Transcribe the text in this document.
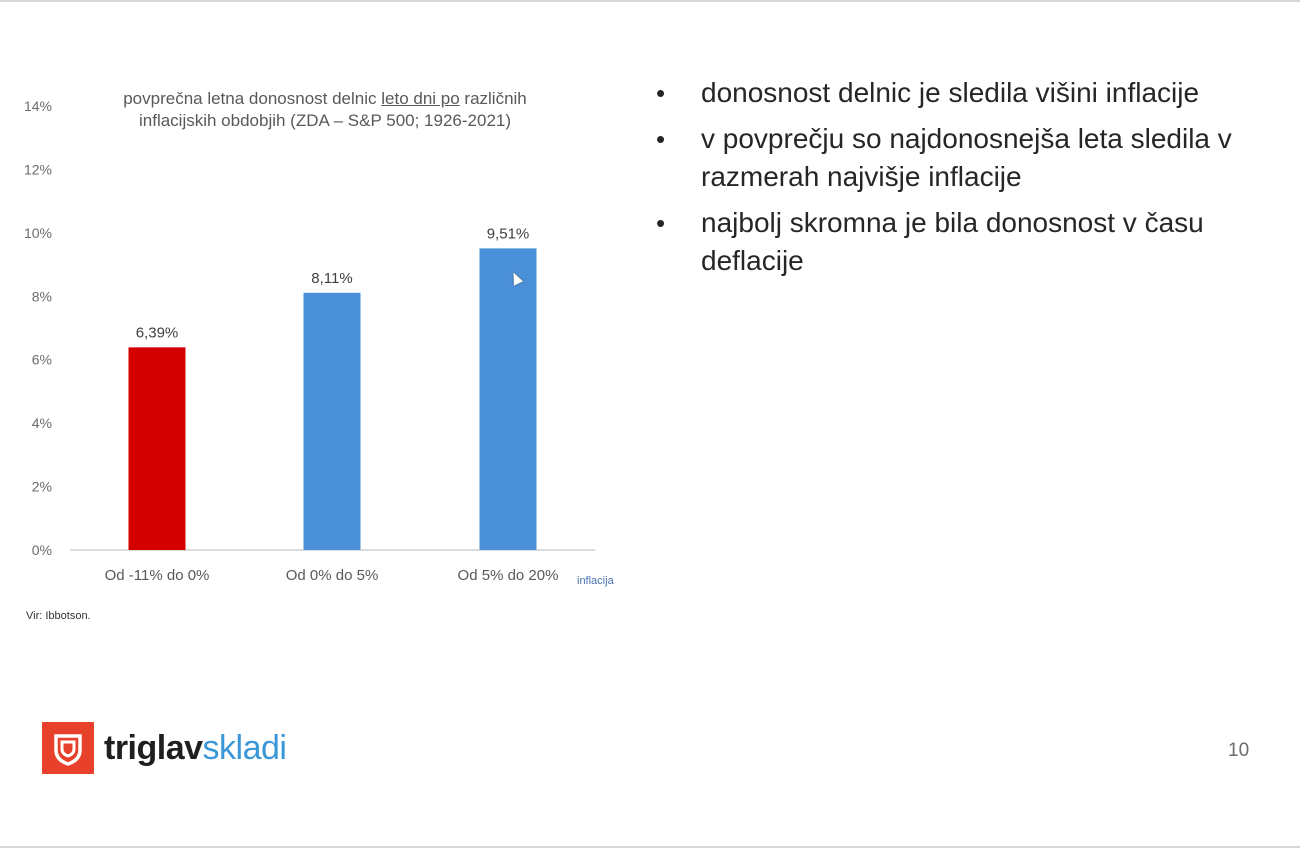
0%
2%
4%
6%
8%
10%
12%
14%
6,39%
8,11%
9,51%
Od -11% do 0%	Od 0% do 5%	Od 5% do 20% inflacija
povprečna letna donosnost delnic leto dni po različnih inflacijskih obdobjih (ZDA – S&P 500; 1926-2021)
Vir: Ibbotson.
• donosnost delnic je sledila višini inflacije
• v povprečju so najdonosnejša leta sledila v razmerah najvišje inflacije
• najbolj skromna je bila donosnost v času deflacije
triglavskladi	10
